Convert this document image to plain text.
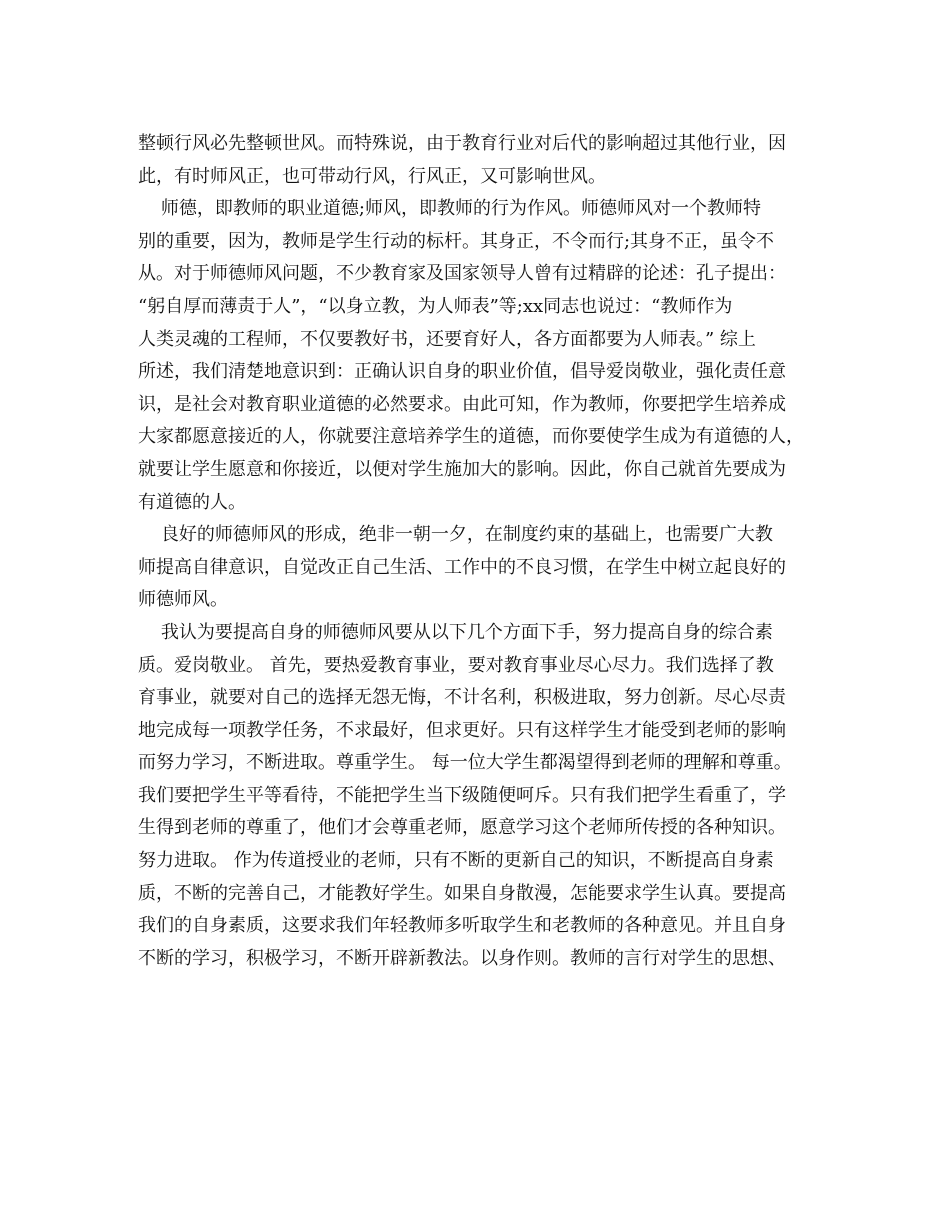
整顿行风必先整顿世风。而特殊说，由于教育行业对后代的影响超过其他行业，因
此，有时师风正，也可带动行风，行风正，又可影响世风。
师德，即教师的职业道德;师风，即教师的行为作风。师德师风对一个教师特
别的重要，因为，教师是学生行动的标杆。其身正，不令而行;其身不正，虽令不
从。对于师德师风问题，不少教育家及国家领导人曾有过精辟的论述：孔子提出：
“躬自厚而薄责于人”，“以身立教，为人师表”等;xx同志也说过：“教师作为
人类灵魂的工程师，不仅要教好书，还要育好人，各方面都要为人师表。” 综上
所述，我们清楚地意识到：正确认识自身的职业价值，倡导爱岗敬业，强化责任意
识，是社会对教育职业道德的必然要求。由此可知，作为教师，你要把学生培养成
大家都愿意接近的人，你就要注意培养学生的道德，而你要使学生成为有道德的人，
就要让学生愿意和你接近，以便对学生施加大的影响。因此，你自己就首先要成为
有道德的人。
良好的师德师风的形成，绝非一朝一夕，在制度约束的基础上，也需要广大教
师提高自律意识，自觉改正自己生活、工作中的不良习惯，在学生中树立起良好的
师德师风。
我认为要提高自身的师德师风要从以下几个方面下手，努力提高自身的综合素
质。爱岗敬业。 首先，要热爱教育事业，要对教育事业尽心尽力。我们选择了教
育事业，就要对自己的选择无怨无悔，不计名利，积极进取，努力创新。尽心尽责
地完成每一项教学任务，不求最好，但求更好。只有这样学生才能受到老师的影响
而努力学习，不断进取。尊重学生。 每一位大学生都渴望得到老师的理解和尊重。
我们要把学生平等看待，不能把学生当下级随便呵斥。只有我们把学生看重了，学
生得到老师的尊重了，他们才会尊重老师，愿意学习这个老师所传授的各种知识。
努力进取。 作为传道授业的老师，只有不断的更新自己的知识，不断提高自身素
质，不断的完善自己，才能教好学生。如果自身散漫，怎能要求学生认真。要提高
我们的自身素质，这要求我们年轻教师多听取学生和老教师的各种意见。并且自身
不断的学习，积极学习，不断开辟新教法。以身作则。教师的言行对学生的思想、
